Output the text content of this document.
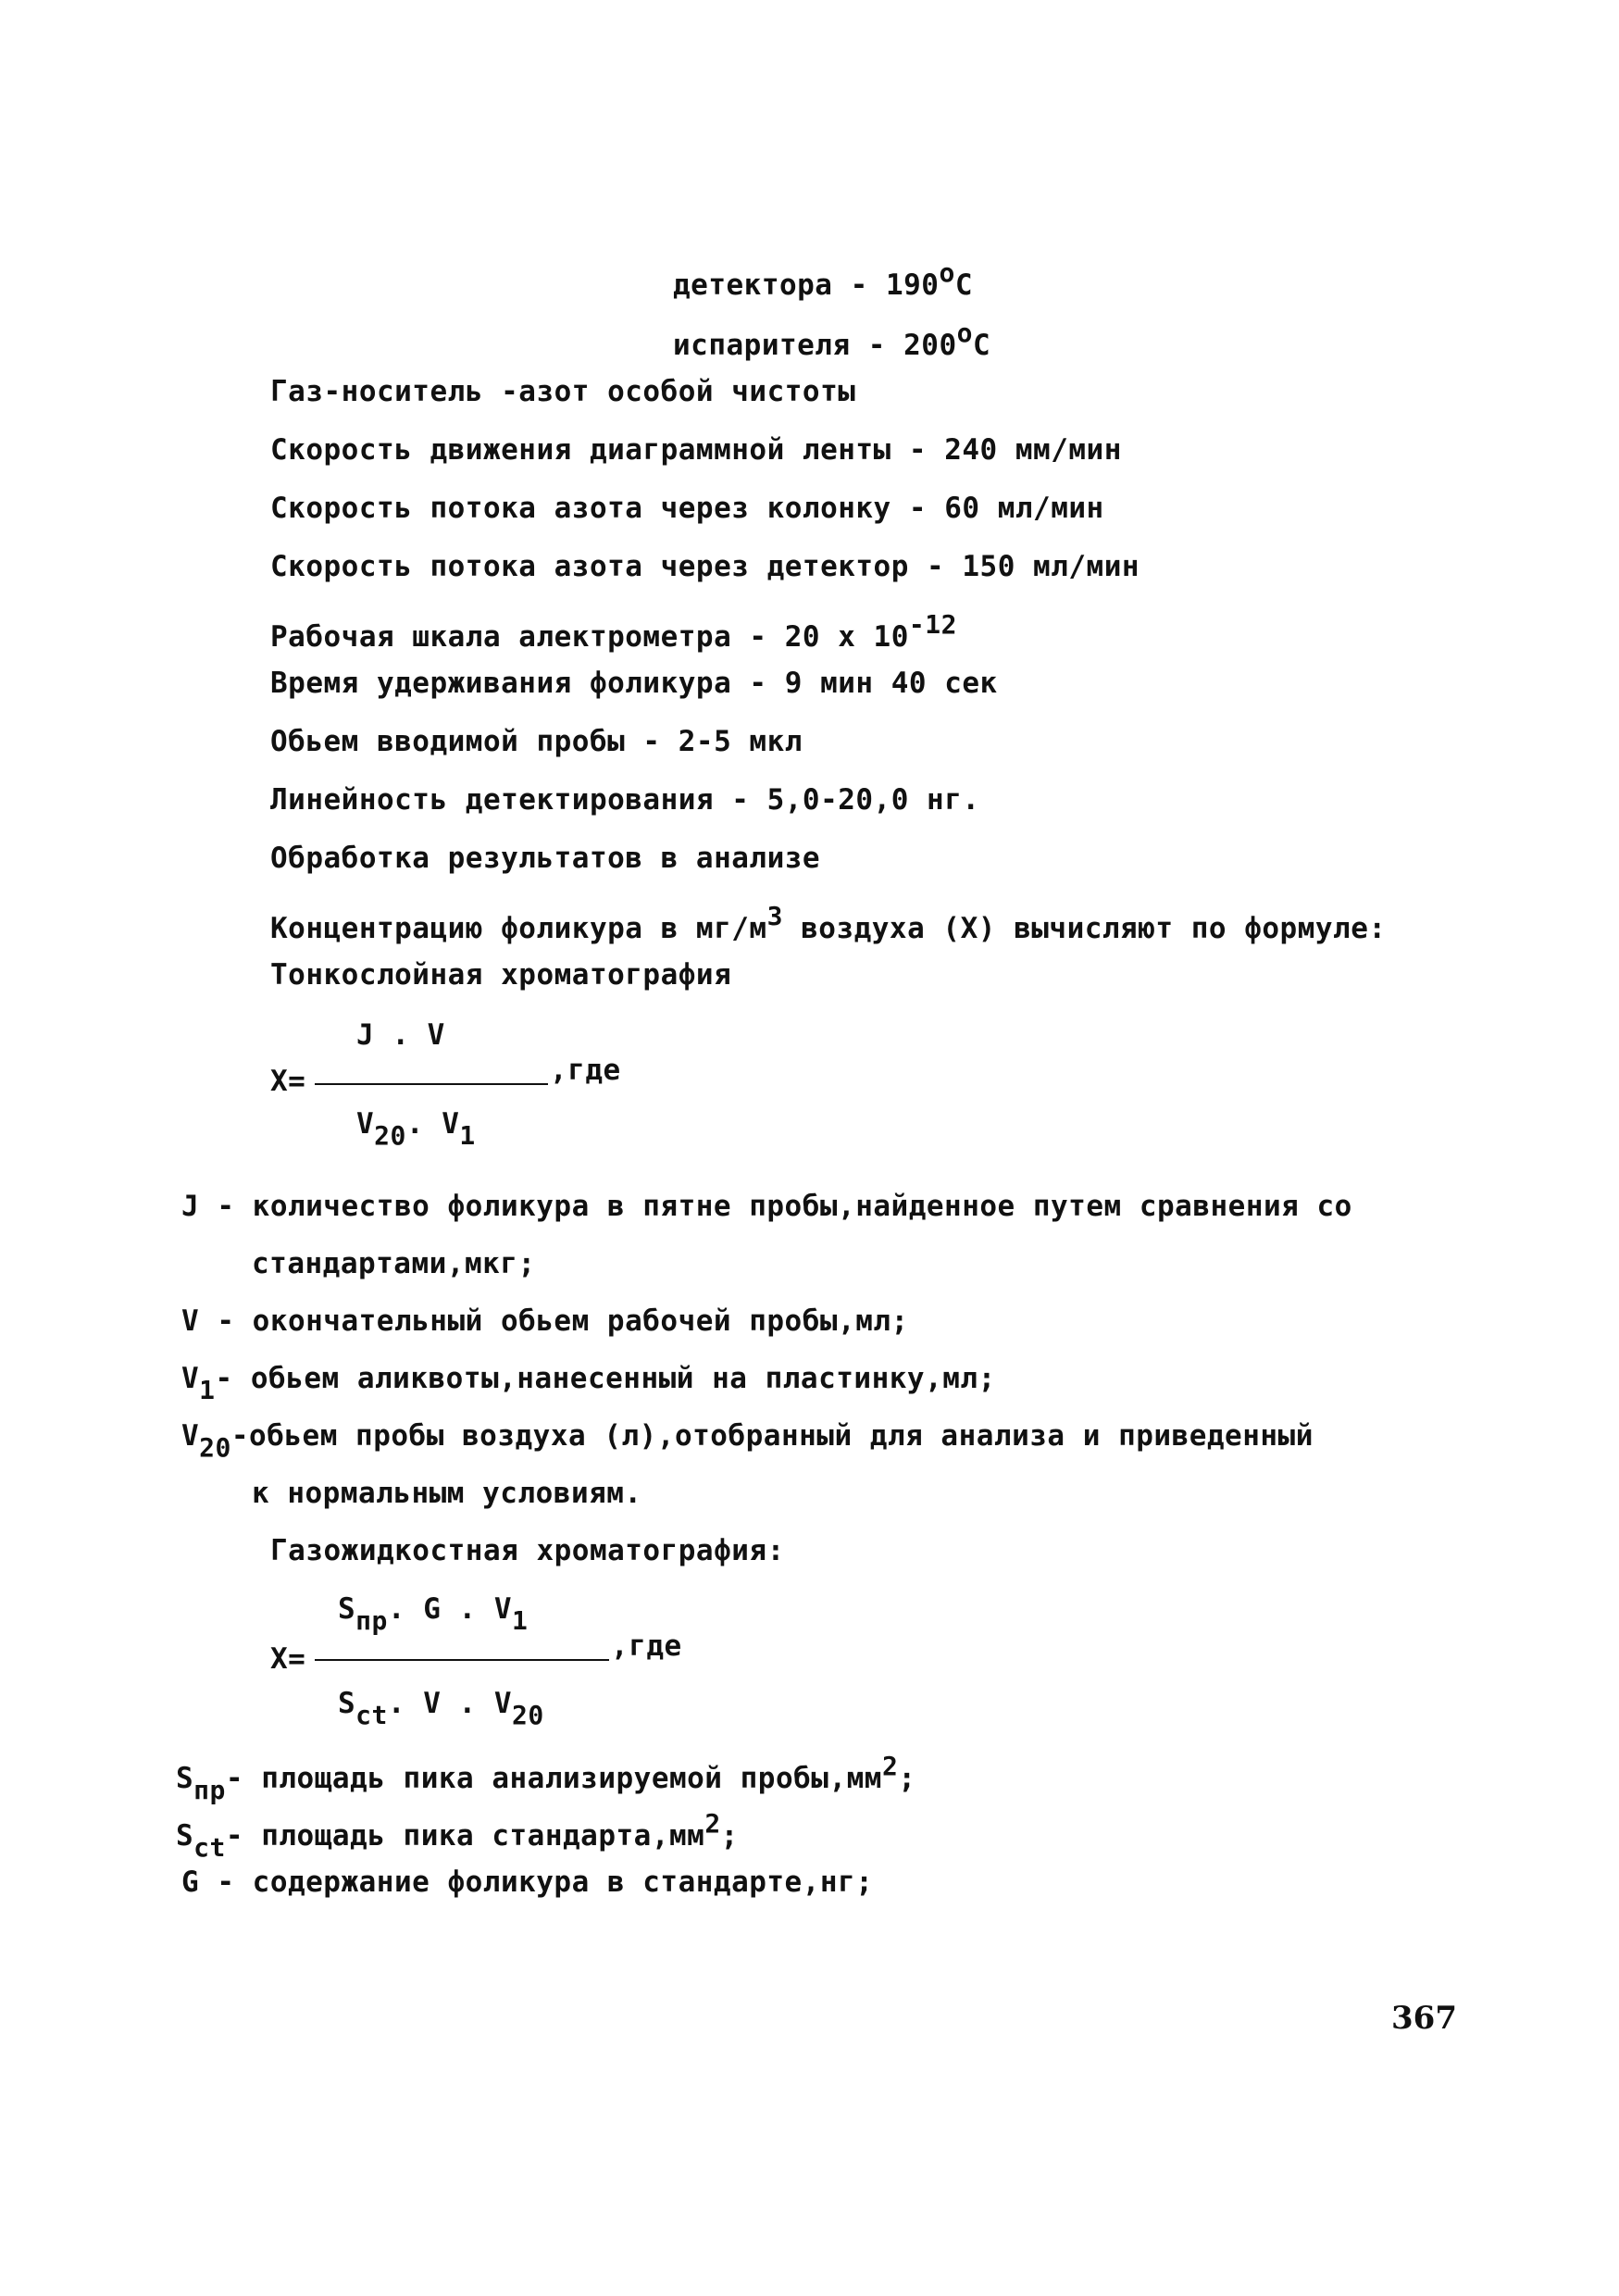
детектора - 190oC
испарителя - 200oC
Газ-носитель -азот особой чистоты
Скорость движения диаграммной ленты - 240 мм/мин
Скорость потока азота через колонку - 60 мл/мин
Скорость потока азота через детектор - 150 мл/мин
Рабочая шкала алектрометра - 20 x 10-12
Время удерживания фоликура - 9 мин 40 сек
Обьем вводимой пробы - 2-5 мкл
Линейность детектирования - 5,0-20,0 нг.
Обработка результатов в анализе
Концентрацию фоликура в мг/м3 воздуха (X) вычисляют по формуле:
Тонкослойная хроматография
J . V
X=	,где
V20. V1
J - количество фоликура в пятне пробы,найденное путем сравнения со
стандартами,мкг;
V - окончательный обьем рабочей пробы,мл;
V1- обьем аликвоты,нанесенный на пластинку,мл;
V20-обьем пробы воздуха (л),отобранный для анализа и приведенный
к нормальным условиям.
Газожидкостная хроматография:
Sпр. G . V1
X=	,где
Sct. V . V20
Sпр- площадь пика анализируемой пробы,мм2;
Sct- площадь пика стандарта,мм2;
G - содержание фоликура в стандарте,нг;
367
